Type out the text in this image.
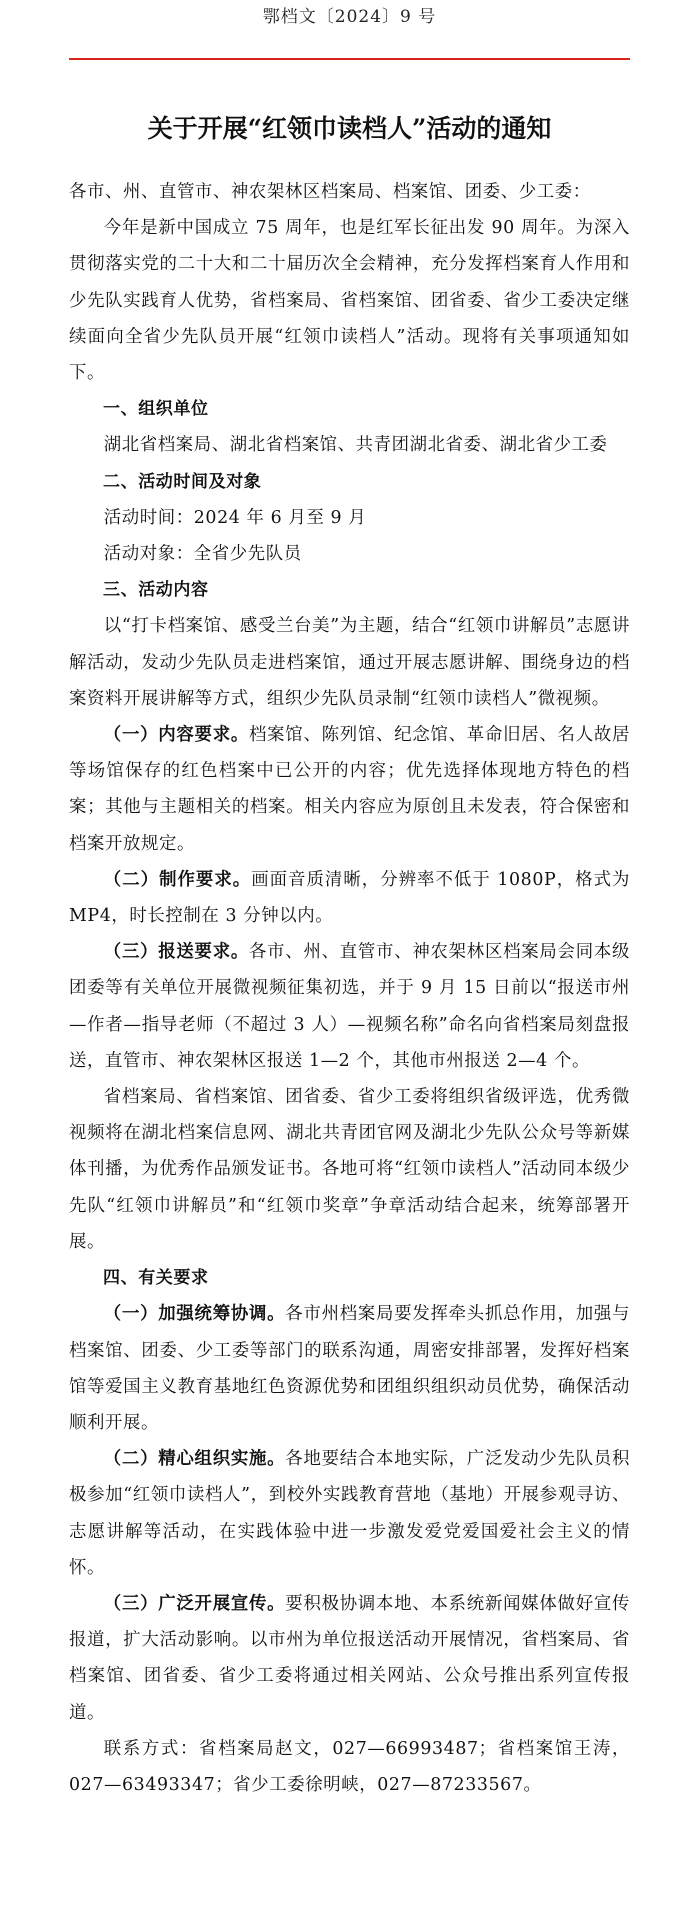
鄂档文〔2024〕9 号
关于开展“红领巾读档人”活动的通知

各市、州、直管市、神农架林区档案局、档案馆、团委、少工委：

今年是新中国成立 75 周年，也是红军长征出发 90 周年。为深入贯彻落实党的二十大和二十届历次全会精神，充分发挥档案育人作用和少先队实践育人优势，省档案局、省档案馆、团省委、省少工委决定继续面向全省少先队员开展“红领巾读档人”活动。现将有关事项通知如下。

一、组织单位

湖北省档案局、湖北省档案馆、共青团湖北省委、湖北省少工委

二、活动时间及对象

活动时间：2024 年 6 月至 9 月

活动对象：全省少先队员

三、活动内容

以“打卡档案馆、感受兰台美”为主题，结合“红领巾讲解员”志愿讲解活动，发动少先队员走进档案馆，通过开展志愿讲解、围绕身边的档案资料开展讲解等方式，组织少先队员录制“红领巾读档人”微视频。

（一）内容要求。档案馆、陈列馆、纪念馆、革命旧居、名人故居等场馆保存的红色档案中已公开的内容；优先选择体现地方特色的档案；其他与主题相关的档案。相关内容应为原创且未发表，符合保密和档案开放规定。

（二）制作要求。画面音质清晰，分辨率不低于 1080P，格式为 MP4，时长控制在 3 分钟以内。

（三）报送要求。各市、州、直管市、神农架林区档案局会同本级团委等有关单位开展微视频征集初选，并于 9 月 15 日前以“报送市州—作者—指导老师（不超过 3 人）—视频名称”命名向省档案局刻盘报送，直管市、神农架林区报送 1—2 个，其他市州报送 2—4 个。

省档案局、省档案馆、团省委、省少工委将组织省级评选，优秀微视频将在湖北档案信息网、湖北共青团官网及湖北少先队公众号等新媒体刊播，为优秀作品颁发证书。各地可将“红领巾读档人”活动同本级少先队“红领巾讲解员”和“红领巾奖章”争章活动结合起来，统筹部署开展。

四、有关要求

（一）加强统筹协调。各市州档案局要发挥牵头抓总作用，加强与档案馆、团委、少工委等部门的联系沟通，周密安排部署，发挥好档案馆等爱国主义教育基地红色资源优势和团组织组织动员优势，确保活动顺利开展。

（二）精心组织实施。各地要结合本地实际，广泛发动少先队员积极参加“红领巾读档人”，到校外实践教育营地（基地）开展参观寻访、志愿讲解等活动，在实践体验中进一步激发爱党爱国爱社会主义的情怀。

（三）广泛开展宣传。要积极协调本地、本系统新闻媒体做好宣传报道，扩大活动影响。以市州为单位报送活动开展情况，省档案局、省档案馆、团省委、省少工委将通过相关网站、公众号推出系列宣传报道。

联系方式：省档案局赵文，027—66993487；省档案馆王涛，027—63493347；省少工委徐明峡，027—87233567。
